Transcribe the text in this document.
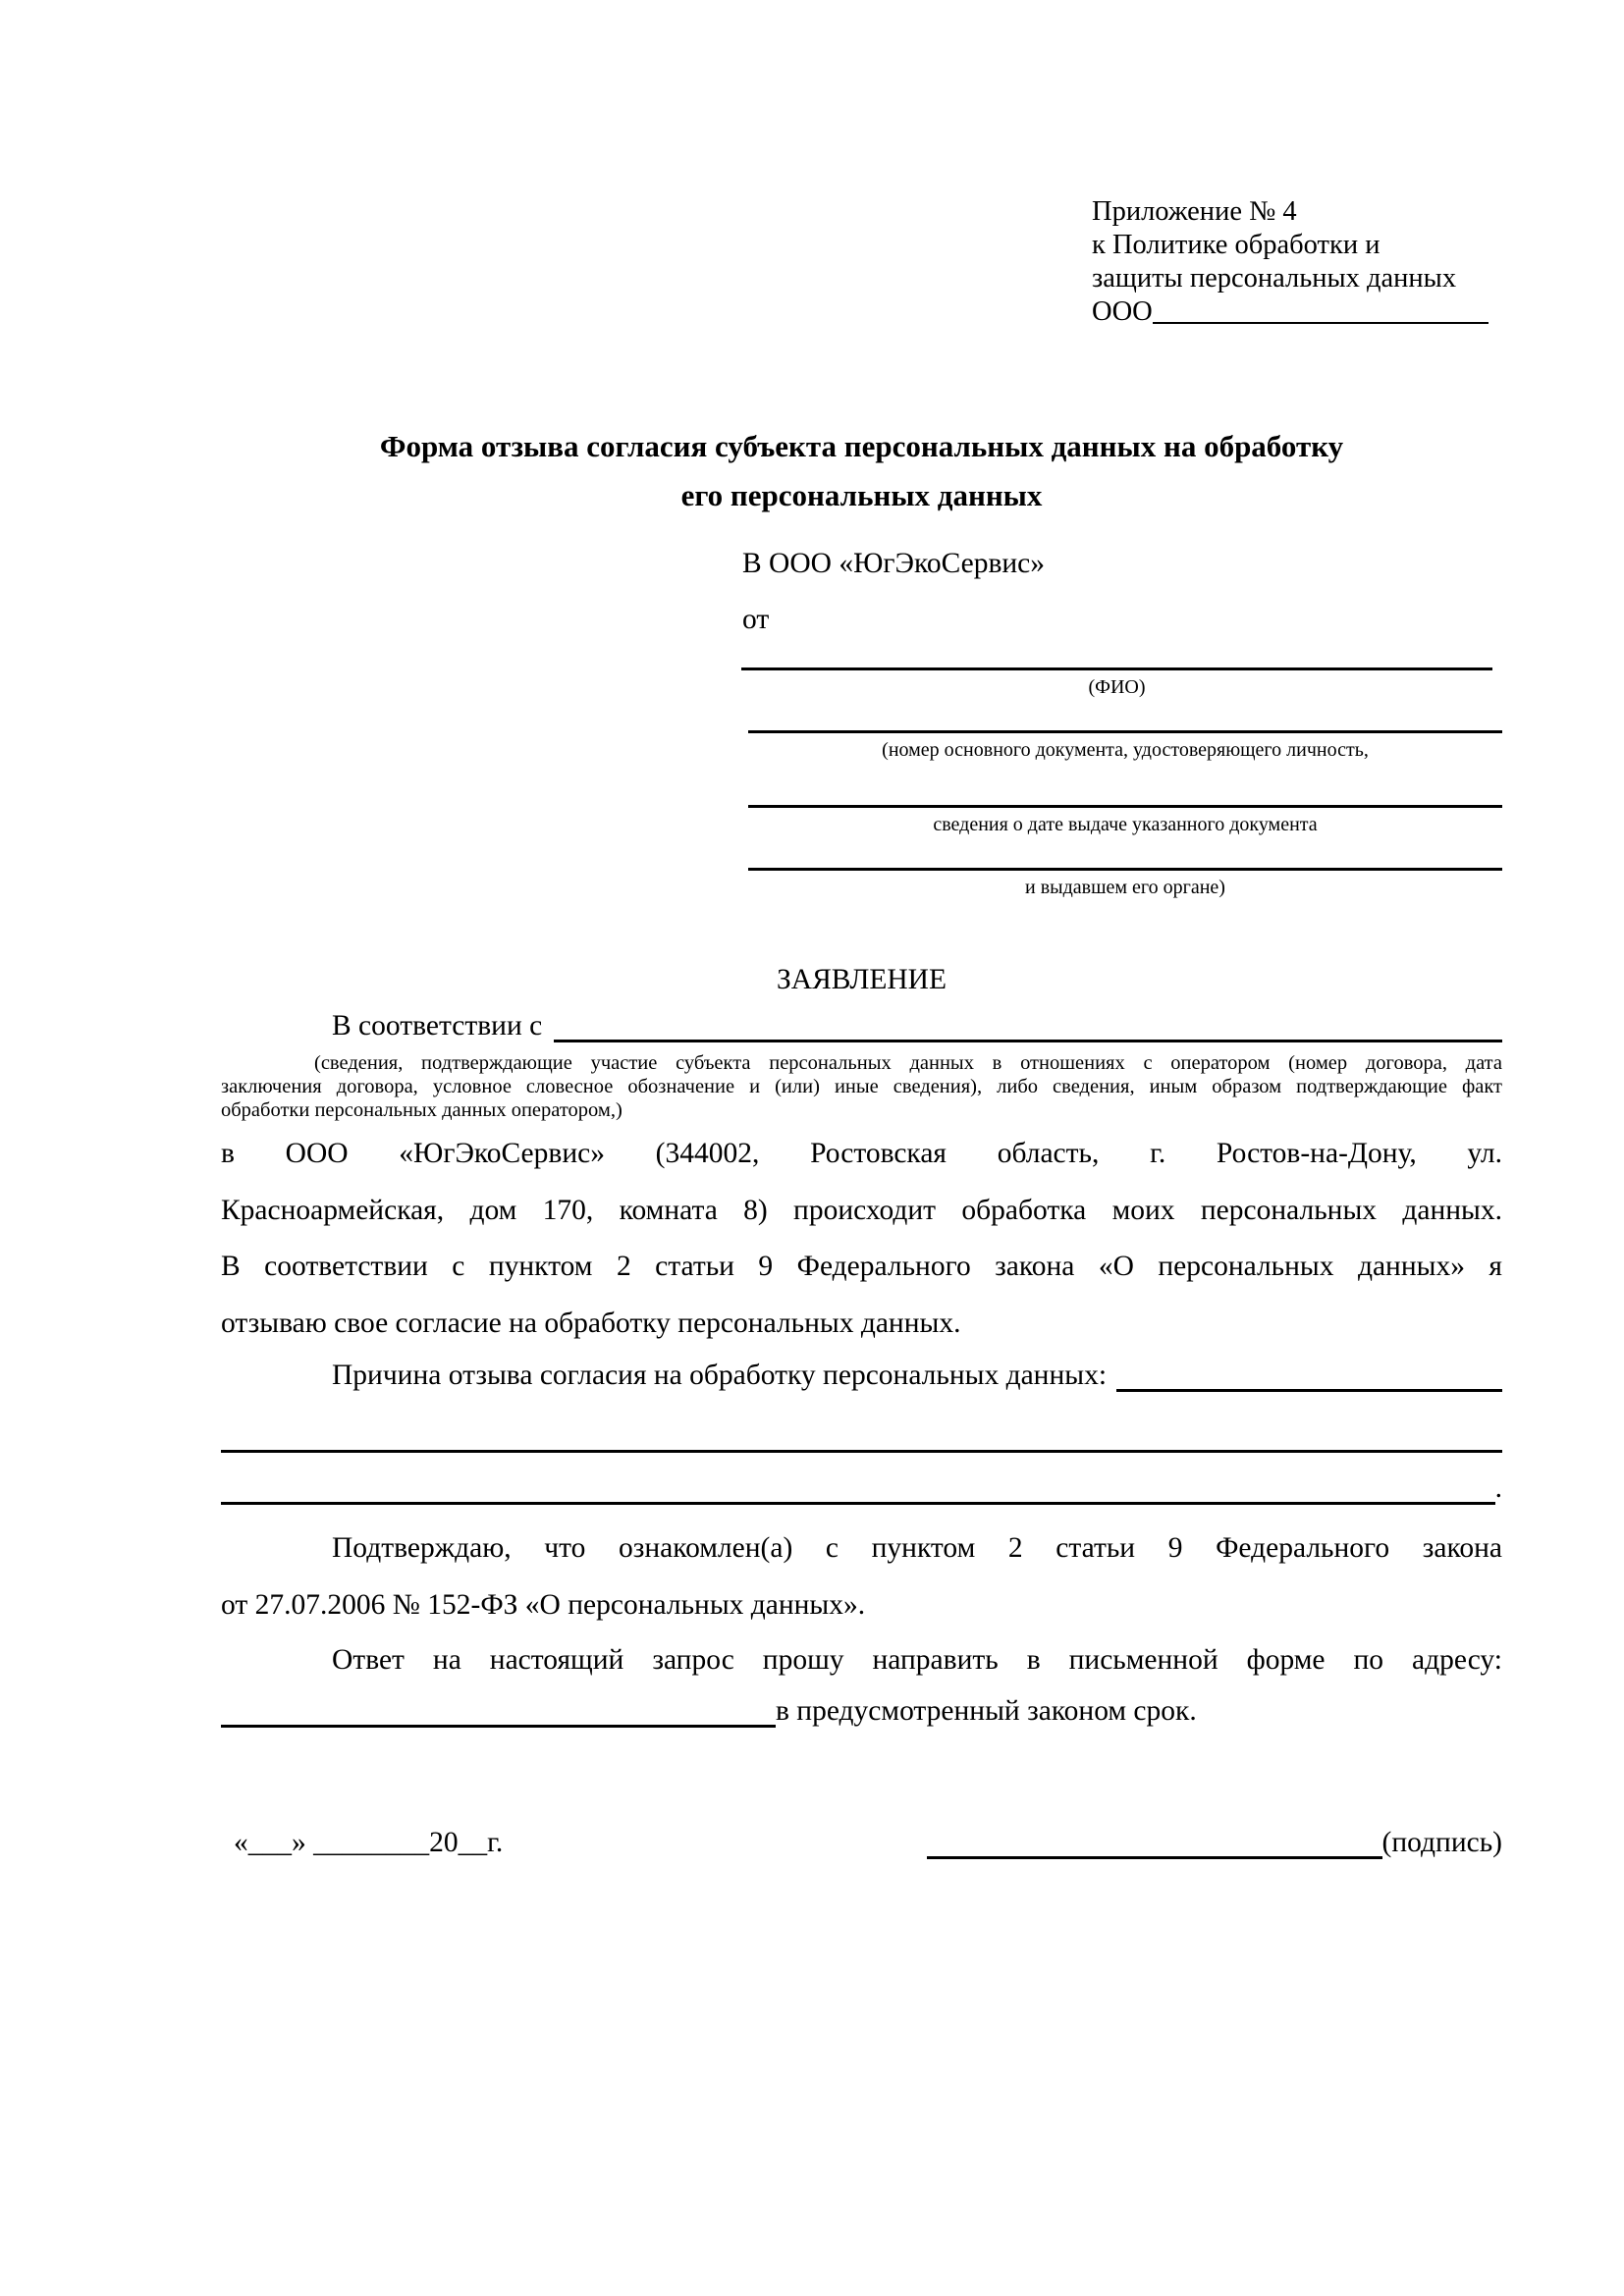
Приложение № 4
к Политике обработки и
защиты персональных данных
ООО
Форма отзыва согласия субъекта персональных данных на обработку
его персональных данных
В ООО «ЮгЭкоСервис»
от
(ФИО)
(номер основного документа, удостоверяющего личность,
сведения о дате выдаче указанного документа
и выдавшем его органе)
ЗАЯВЛЕНИЕ
В соответствии с
(сведения, подтверждающие участие субъекта персональных данных в отношениях с оператором (номер договора, дата
заключения договора, условное словесное обозначение и (или) иные сведения), либо сведения, иным образом подтверждающие факт
обработки персональных данных оператором,)
в ООО «ЮгЭкоСервис» (344002, Ростовская область, г. Ростов-на-Дону, ул.
Красноармейская, дом 170, комната 8) происходит обработка моих персональных данных.
В соответствии с пунктом 2 статьи 9 Федерального закона «О персональных данных» я
отзываю свое согласие на обработку персональных данных.
Причина отзыва согласия на обработку персональных данных:
.
Подтверждаю, что ознакомлен(а) с пунктом 2 статьи 9 Федерального закона
от 27.07.2006 № 152-ФЗ «О персональных данных».
Ответ на настоящий запрос прошу направить в письменной форме по адресу:
в предусмотренный законом срок.
«___» ________20__г.	(подпись)
